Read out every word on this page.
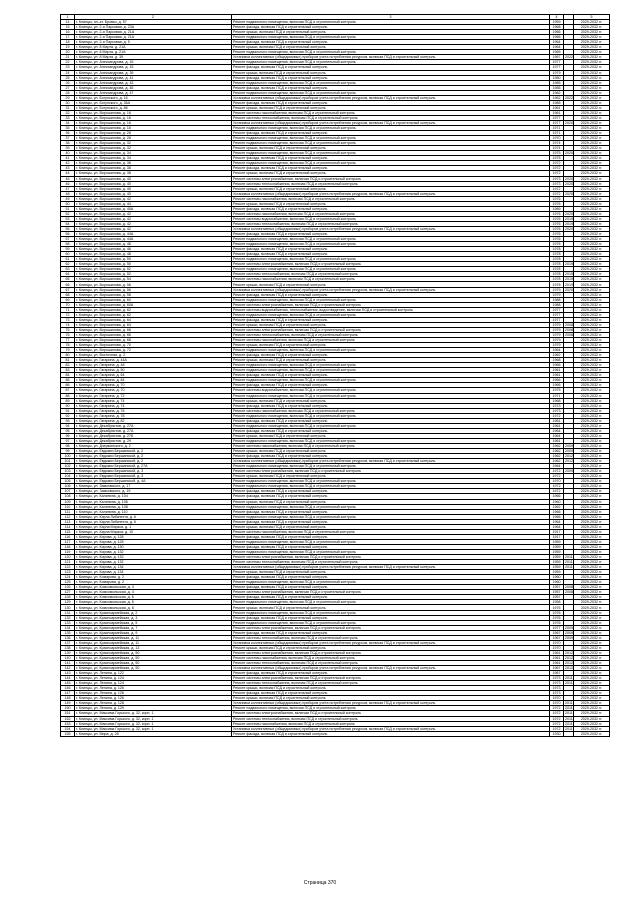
1	2	3	4		5
14	г. Клинцы, пл.-кт. Бровко, д. 57	Ремонт подвального помещения, включая ПСД и строительный контроль	1959		2029-2032 гг.
15	г. Клинцы, ул. 2-я Парковая, д. 23А	Ремонт фасада, включая ПСД и строительный контроль	1968		2029-2032 гг.
16	г. Клинцы, ул. 2-я Парковая, д. 21А	Ремонт крыши, включая ПСД и строительный контроль	1966		2029-2032 гг.
17	г. Клинцы, ул. 2-я Парковая, д. 21А	Ремонт подвального помещения, включая ПСД и строительный контроль	1966		2029-2032 гг.
18	г. Клинцы, ул. 2-я Парковая, д. 5	Ремонт фасада, включая ПСД и строительный контроль	1964		2029-2032 гг.
19	г. Клинцы, ул. 8 Марта, д. 21А	Ремонт крыши, включая ПСД и строительный контроль	1964		2029-2032 гг.
20	г. Клинцы, ул. 8 Марта, д. 21А	Ремонт подвального помещения, включая ПСД и строительный контроль	1965		2029-2032 гг.
21	г. Клинцы, ул. 8 Марта, д. 39	Установка коллективных (общедомовых) приборов учета потребления ресурсов, включая ПСД и строительный контроль	1967	2022	2029-2032 гг.
22	г. Клинцы, ул. Александрова, д. 15	Ремонт подвального помещения, включая ПСД и строительный контроль	1977		2029-2032 гг.
23	г. Клинцы, ул. Александрова, д. 15	Ремонт фасада, включая ПСД и строительный контроль	1977		2029-2032 гг.
24	г. Клинцы, ул. Александрова, д. 39	Ремонт крыши, включая ПСД и строительный контроль	1979		2029-2032 гг.
25	г. Клинцы, ул. Александрова, д. 41	Ремонт фасада, включая ПСД и строительный контроль	1980		2029-2032 гг.
26	г. Клинцы, ул. Александрова, д. 43	Ремонт подвального помещения, включая ПСД и строительный контроль	1985		2029-2032 гг.
27	г. Клинцы, ул. Александрова, д. 45	Ремонт фасада, включая ПСД и строительный контроль	1985		2029-2032 гг.
28	г. Клинцы, ул. Александрова, д. 47	Ремонт подвального помещения, включая ПСД и строительный контроль	1982		2029-2032 гг.
29	г. Клинцы, ул. Богунского, д. 16	Установка коллективных (общедомовых) приборов учета потребления ресурсов, включая ПСД и строительный контроль	1962	2022	2029-2032 гг.
30	г. Клинцы, ул. Богунского, д. 36А	Ремонт фасада, включая ПСД и строительный контроль	1985		2029-2032 гг.
31	г. Клинцы, ул. Богунского, д. 86	Ремонт крыши, включая ПСД и строительный контроль	1961		2029-2032 гг.
32	г. Клинцы, ул. Ворошилова, д. 16	Ремонт системы газоснабжения, включая ПСД и строительный контроль	1961		2029-2032 гг.
33	г. Клинцы, ул. Ворошилова, д. 16	Ремонт системы теплоснабжения, включая ПСД и строительный контроль	1977		2029-2032 гг.
34	г. Клинцы, ул. Ворошилова, д. 16	Установка коллективных (общедомовых) приборов учета потребления ресурсов, включая ПСД и строительный контроль	1977	2020	2029-2032 гг.
35	г. Клинцы, ул. Ворошилова, д. 16	Ремонт подвального помещения, включая ПСД и строительный контроль	1971		2029-2032 гг.
36	г. Клинцы, ул. Ворошилова, д. 28	Ремонт фасада, включая ПСД и строительный контроль	1971		2029-2032 гг.
37	г. Клинцы, ул. Ворошилова, д. 28	Ремонт подвального помещения, включая ПСД и строительный контроль	1970		2029-2032 гг.
38	г. Клинцы, ул. Ворошилова, д. 32	Ремонт подвального помещения, включая ПСД и строительный контроль	1974		2029-2032 гг.
39	г. Клинцы, ул. Ворошилова, д. 32	Ремонт крыши, включая ПСД и строительный контроль	1974		2029-2032 гг.
40	г. Клинцы, ул. Ворошилова, д. 34	Ремонт подвального помещения, включая ПСД и строительный контроль	1975	2020	2029-2032 гг.
41	г. Клинцы, ул. Ворошилова, д. 34	Ремонт фасада, включая ПСД и строительный контроль	1975		2029-2032 гг.
42	г. Клинцы, ул. Ворошилова, д. 36	Ремонт подвального помещения, включая ПСД и строительный контроль	1972		2029-2032 гг.
43	г. Клинцы, ул. Ворошилова, д. 38	Ремонт фасада, включая ПСД и строительный контроль	1972		2029-2032 гг.
44	г. Клинцы, ул. Ворошилова, д. 38	Ремонт крыши, включая ПСД и строительный контроль	1972		2029-2032 гг.
45	г. Клинцы, ул. Ворошилова, д. 40	Ремонт системы электроснабжения, включая ПСД и строительный контроль	1973	2020	2029-2032 гг.
46	г. Клинцы, ул. Ворошилова, д. 40	Ремонт системы теплоснабжения, включая ПСД и строительный контроль	1973	2020	2029-2032 гг.
47	г. Клинцы, ул. Ворошилова, д. 40	Ремонт крыши, включая ПСД и строительный контроль	1972		2029-2032 гг.
48	г. Клинцы, ул. Ворошилова, д. 40	Установка коллективных (общедомовых) приборов учета потребления ресурсов, включая ПСД и строительный контроль	1972	2020	2029-2032 гг.
49	г. Клинцы, ул. Ворошилова, д. 42	Ремонт системы газоснабжения, включая ПСД и строительный контроль	1976		2029-2032 гг.
50	г. Клинцы, ул. Ворошилова, д. 44	Ремонт крыши, включая ПСД и строительный контроль	1976		2029-2032 гг.
51	г. Клинцы, ул. Ворошилова, д. 40А	Ремонт фасада, включая ПСД и строительный контроль	1989		2029-2032 гг.
52	г. Клинцы, ул. Ворошилова, д. 42	Ремонт системы газоснабжения, включая ПСД и строительный контроль	1976	2020	2029-2032 гг.
53	г. Клинцы, ул. Ворошилова, д. 42	Ремонт системы водоснабжения, включая ПСД и строительный контроль	1976	2019	2029-2032 гг.
54	г. Клинцы, ул. Ворошилова, д. 42	Ремонт системы теплоснабжения, включая ПСД и строительный контроль	1976	2019	2029-2032 гг.
55	г. Клинцы, ул. Ворошилова, д. 42	Установка коллективных (общедомовых) приборов учета потребления ресурсов, включая ПСД и строительный контроль	1976	2020	2029-2032 гг.
56	г. Клинцы, ул. Ворошилова, д. 44А	Ремонт фасада, включая ПСД и строительный контроль	1976		2029-2032 гг.
57	г. Клинцы, ул. Ворошилова, д. 44А	Ремонт подвального помещения, включая ПСД и строительный контроль	1976		2029-2032 гг.
58	г. Клинцы, ул. Ворошилова, д. 46	Ремонт подвального помещения, включая ПСД и строительный контроль	1976		2029-2032 гг.
59	г. Клинцы, ул. Ворошилова, д. 46	Ремонт фасада, включая ПСД и строительный контроль	1978		2029-2032 гг.
60	г. Клинцы, ул. Ворошилова, д. 48	Ремонт фасада, включая ПСД и строительный контроль	1978		2029-2032 гг.
61	г. Клинцы, ул. Ворошилова, д. 50	Ремонт подвального помещения, включая ПСД и строительный контроль	1978		2029-2032 гг.
62	г. Клинцы, ул. Ворошилова, д. 50	Ремонт системы электроснабжения, включая ПСД и строительный контроль	1978	2019	2029-2032 гг.
63	г. Клинцы, ул. Ворошилова, д. 52	Ремонт подвального помещения, включая ПСД и строительный контроль	1978		2029-2032 гг.
64	г. Клинцы, ул. Ворошилова, д. 52	Ремонт системы теплоснабжения, включая ПСД и строительный контроль	1978	2019	2029-2032 гг.
65	г. Клинцы, ул. Ворошилова, д. 54	Ремонт системы газоснабжения, включая ПСД и строительный контроль	1978	2019	2029-2032 гг.
66	г. Клинцы, ул. Ворошилова, д. 56	Ремонт крыши, включая ПСД и строительный контроль	1978	2019	2029-2032 гг.
67	г. Клинцы, ул. Ворошилова, д. 56	Установка коллективных (общедомовых) приборов учета потребления ресурсов, включая ПСД и строительный контроль	1979	2020	2029-2032 гг.
68	г. Клинцы, ул. Ворошилова, д. 58	Ремонт фасада, включая ПСД и строительный контроль	1979		2029-2032 гг.
69	г. Клинцы, ул. Ворошилова, д. 60	Ремонт подвального помещения, включая ПСД и строительный контроль	1988		2029-2032 гг.
70	г. Клинцы, ул. Ворошилова, д. 60А	Ремонт системы электроснабжения, включая ПСД и строительный контроль	1988		2029-2032 гг.
71	г. Клинцы, ул. Ворошилова, д. 62	Ремонт системы водоснабжения, теплоснабжения, водоотведения, включая ПСД и строительный контроль	1977		2029-2032 гг.
72	г. Клинцы, ул. Ворошилова, д. 62	Ремонт подвального помещения, включая ПСД и строительный контроль	1977		2029-2032 гг.
73	г. Клинцы, ул. Ворошилова, д. 64	Ремонт фасада, включая ПСД и строительный контроль	1977		2029-2032 гг.
74	г. Клинцы, ул. Ворошилова, д. 64	Ремонт крыши, включая ПСД и строительный контроль	1979	2008	2029-2032 гг.
75	г. Клинцы, ул. Ворошилова, д. 66	Ремонт системы электроснабжения, включая ПСД и строительный контроль	1979	2008	2029-2032 гг.
76	г. Клинцы, ул. Ворошилова, д. 66	Ремонт системы теплоснабжения, включая ПСД и строительный контроль	1979	2008	2029-2032 гг.
77	г. Клинцы, ул. Ворошилова, д. 68	Ремонт системы газоснабжения, включая ПСД и строительный контроль	1979		2029-2032 гг.
78	г. Клинцы, ул. Ворошилова, д. 70	Ремонт крыши, включая ПСД и строительный контроль	1979		2029-2032 гг.
79	г. Клинцы, ул. Ворошилова, д. 72	Ремонт подвального помещения, включая ПСД и строительный контроль	1964		2029-2032 гг.
80	г. Клинцы, ул. Восточная, д. 2	Ремонт фасада, включая ПСД и строительный контроль	1962		2029-2032 гг.
81	г. Клинцы, ул. Гагарина, д. 44А	Ремонт крыши, включая ПСД и строительный контроль	1968		2029-2032 гг.
82	г. Клинцы, ул. Гагарина, д. 48	Ремонт подвального помещения, включая ПСД и строительный контроль	1966		2029-2032 гг.
83	г. Клинцы, ул. Гагарина, д. 50	Ремонт подвального помещения, включая ПСД и строительный контроль	1961		2029-2032 гг.
84	г. Клинцы, ул. Гагарина, д. 64	Ремонт фасада, включая ПСД и строительный контроль	1961		2029-2032 гг.
85	г. Клинцы, ул. Гагарина, д. 64	Ремонт подвального помещения, включая ПСД и строительный контроль	1966		2029-2032 гг.
86	г. Клинцы, ул. Гагарина, д. 70	Ремонт фасада, включая ПСД и строительный контроль	1966		2029-2032 гг.
87	г. Клинцы, ул. Гагарина, д. 70	Ремонт системы водоснабжения, включая ПСД и строительный контроль	1975		2029-2032 гг.
88	г. Клинцы, ул. Гагарина, д. 72	Ремонт подвального помещения, включая ПСД и строительный контроль	1971		2029-2032 гг.
89	г. Клинцы, ул. Гагарина, д. 74	Ремонт крыши, включая ПСД и строительный контроль	1968		2029-2032 гг.
90	г. Клинцы, ул. Гагарина, д. 74	Ремонт фасада, включая ПСД и строительный контроль	1973		2029-2032 гг.
91	г. Клинцы, ул. Гагарина, д. 76	Ремонт системы газоснабжения, включая ПСД и строительный контроль	1973		2029-2032 гг.
92	г. Клинцы, ул. Гагарина, д. 78	Ремонт подвального помещения, включая ПСД и строительный контроль	1972		2029-2032 гг.
93	г. Клинцы, ул. Гагарина, д. 82	Ремонт фасада, включая ПСД и строительный контроль	1961		2029-2032 гг.
94	г. Клинцы, ул. Декабристов, д. 27А	Ремонт подвального помещения, включая ПСД и строительный контроль	1961		2029-2032 гг.
95	г. Клинцы, ул. Декабристов, д. 27А	Ремонт фасада, включая ПСД и строительный контроль	1964		2029-2032 гг.
96	г. Клинцы, ул. Декабристов, д. 27Б	Ремонт крыши, включая ПСД и строительный контроль	1964		2029-2032 гг.
97	г. Клинцы, ул. Декабристов, д. 29	Ремонт подвального помещения, включая ПСД и строительный контроль	1961		2029-2032 гг.
98	г. Клинцы, ул. Дзержинского, д. 2	Ремонт системы газоснабжения, включая ПСД и строительный контроль	1962	2009	2029-2032 гг.
99	г. Клинцы, ул. Евдокии Бершанской, д. 2	Ремонт крыши, включая ПСД и строительный контроль	1962	2009	2029-2032 гг.
100	г. Клинцы, ул. Евдокии Бершанской, д. 2	Ремонт фасада, включая ПСД и строительный контроль	1962	2012	2029-2032 гг.
101	г. Клинцы, ул. Евдокии Бершанской, д. 2	Установка коллективных (общедомовых) приборов учета потребления ресурсов, включая ПСД и строительный контроль	1962	2012	2029-2032 гг.
102	г. Клинцы, ул. Евдокии Бершанской, д. 27А	Ремонт подвального помещения, включая ПСД и строительный контроль	1964		2029-2032 гг.
103	г. Клинцы, ул. Евдокии Бершанской, д. 3	Ремонт системы электроснабжения, включая ПСД и строительный контроль	1972	2009	2029-2032 гг.
104	г. Клинцы, ул. Евдокии Бершанской, д. 3	Ремонт крыши, включая ПСД и строительный контроль	1972		2029-2032 гг.
105	г. Клинцы, ул. Евдокии Бершанской, д. 4А	Ремонт подвального помещения, включая ПСД и строительный контроль	1970		2029-2032 гг.
106	г. Клинцы, ул. Замковского, д. 17	Ремонт подвального помещения, включая ПСД и строительный контроль	1972		2029-2032 гг.
107	г. Клинцы, ул. Замковского, д. 19	Ремонт фасада, включая ПСД и строительный контроль	1972		2029-2032 гг.
108	г. Клинцы, ул. Калинина, д. 104	Ремонт фасада, включая ПСД и строительный контроль	1966		2029-2032 гг.
109	г. Клинцы, ул. Калинина, д. 106	Ремонт крыши, включая ПСД и строительный контроль	1960		2029-2032 гг.
110	г. Клинцы, ул. Калинина, д. 108	Ремонт подвального помещения, включая ПСД и строительный контроль	1962		2029-2032 гг.
111	г. Клинцы, ул. Калинина, д. 110	Ремонт фасада, включая ПСД и строительный контроль	1966		2029-2032 гг.
112	г. Клинцы, ул. Карла Либкнехта, д. 6	Ремонт подвального помещения, включая ПСД и строительный контроль	1966		2029-2032 гг.
113	г. Клинцы, ул. Карла Либкнехта, д. 6	Ремонт фасада, включая ПСД и строительный контроль	1964		2029-2032 гг.
114	г. Клинцы, ул. Карла Маркса, д. 1	Ремонт крыши, включая ПСД и строительный контроль	1964		2029-2032 гг.
115	г. Клинцы, ул. Карла Маркса, д. 10	Ремонт системы газоснабжения, включая ПСД и строительный контроль	1917		2029-2032 гг.
116	г. Клинцы, ул. Кирова, д. 128	Ремонт фасада, включая ПСД и строительный контроль	1917		2029-2032 гг.
117	г. Клинцы, ул. Кирова, д. 128	Ремонт подвального помещения, включая ПСД и строительный контроль	1959		2029-2032 гг.
118	г. Клинцы, ул. Кирова, д. 130	Ремонт фасада, включая ПСД и строительный контроль	1959		2029-2032 гг.
119	г. Клинцы, ул. Кирова, д. 132	Ремонт подвального помещения, включая ПСД и строительный контроль	1959		2029-2032 гг.
120	г. Клинцы, ул. Кирова, д. 132	Ремонт системы электроснабжения, включая ПСД и строительный контроль	1959	2011	2029-2032 гг.
121	г. Клинцы, ул. Кирова, д. 132	Ремонт системы теплоснабжения, включая ПСД и строительный контроль	1959	2011	2029-2032 гг.
122	г. Клинцы, ул. Кирова, д. 134	Установка коллективных (общедомовых) приборов учета потребления ресурсов, включая ПСД и строительный контроль	1959	2011	2029-2032 гг.
123	г. Клинцы, ул. Кирова, д. 134	Ремонт крыши, включая ПСД и строительный контроль	1959		2029-2032 гг.
124	г. Клинцы, ул. Комарова, д. 2	Ремонт фасада, включая ПСД и строительный контроль	1960		2029-2032 гг.
125	г. Клинцы, ул. Комарова, д. 2	Ремонт подвального помещения, включая ПСД и строительный контроль	1960		2029-2032 гг.
126	г. Клинцы, ул. Комсомольская, д. 4	Ремонт фасада, включая ПСД и строительный контроль	1957	2008	2029-2032 гг.
127	г. Клинцы, ул. Комсомольская, д. 4	Ремонт системы электроснабжения, включая ПСД и строительный контроль	1957	2008	2029-2032 гг.
128	г. Клинцы, ул. Комсомольская, д. 6	Ремонт фасада, включая ПСД и строительный контроль	1957		2029-2032 гг.
129	г. Клинцы, ул. Комсомольская, д. 6	Ремонт подвального помещения, включая ПСД и строительный контроль	1958		2029-2032 гг.
130	г. Клинцы, ул. Комсомольская, д. 8	Ремонт крыши, включая ПСД и строительный контроль	1975		2029-2032 гг.
131	г. Клинцы, ул. Красноармейская, д. 2	Ремонт подвального помещения, включая ПСД и строительный контроль	1976		2029-2032 гг.
132	г. Клинцы, ул. Красноармейская, д. 3	Ремонт фасада, включая ПСД и строительный контроль	1976		2029-2032 гг.
133	г. Клинцы, ул. Красноармейская, д. 5	Ремонт подвального помещения, включая ПСД и строительный контроль	1976		2029-2032 гг.
134	г. Клинцы, ул. Красноармейская, д. 7	Ремонт системы электроснабжения, включая ПСД и строительный контроль	1977	2009	2029-2032 гг.
135	г. Клинцы, ул. Красноармейская, д. 9	Ремонт фасада, включая ПСД и строительный контроль	1967	2009	2029-2032 гг.
136	г. Клинцы, ул. Красноармейская, д. 11	Ремонт системы теплоснабжения, включая ПСД и строительный контроль	1967	2009	2029-2032 гг.
137	г. Клинцы, ул. Красноармейская, д. 11	Установка коллективных (общедомовых) приборов учета потребления ресурсов, включая ПСД и строительный контроль	1970		2029-2032 гг.
138	г. Клинцы, ул. Красноармейская, д. 13	Ремонт крыши, включая ПСД и строительный контроль	1970		2029-2032 гг.
139	г. Клинцы, ул. Красноармейская, д. 50	Ремонт системы электроснабжения, включая ПСД и строительный контроль	1961	2012	2029-2032 гг.
140	г. Клинцы, ул. Красноармейская, д. 50	Ремонт системы газоснабжения, включая ПСД и строительный контроль	1961	2012	2029-2032 гг.
141	г. Клинцы, ул. Красноармейская, д. 50	Ремонт системы теплоснабжения, включая ПСД и строительный контроль	1961	2012	2029-2032 гг.
142	г. Клинцы, ул. Красноармейская, д. 50	Установка коллективных (общедомовых) приборов учета потребления ресурсов, включая ПСД и строительный контроль	1967	2012	2029-2032 гг.
143	г. Клинцы, ул. Ленина, д. 122	Ремонт фасада, включая ПСД и строительный контроль	1967		2029-2032 гг.
144	г. Клинцы, ул. Ленина, д. 124	Ремонт системы электроснабжения, включая ПСД и строительный контроль	1973	2011	2029-2032 гг.
145	г. Клинцы, ул. Ленина, д. 124	Ремонт системы теплоснабжения, включая ПСД и строительный контроль	1973	2011	2029-2032 гг.
146	г. Клинцы, ул. Ленина, д. 126	Ремонт крыши, включая ПСД и строительный контроль	1973		2029-2032 гг.
147	г. Клинцы, ул. Ленина, д. 126	Ремонт фасада, включая ПСД и строительный контроль	1973		2029-2032 гг.
148	г. Клинцы, ул. Ленина, д. 126	Ремонт крыши, включая ПСД и строительный контроль	1970		2029-2032 гг.
149	г. Клинцы, ул. Ленина, д. 128	Установка коллективных (общедомовых) приборов учета потребления ресурсов, включая ПСД и строительный контроль	1970	2011	2029-2032 гг.
150	г. Клинцы, ул. Ленина, д. 129	Ремонт подвального помещения, включая ПСД и строительный контроль	1972	2011	2029-2032 гг.
151	г. Клинцы, ул. Максима Горького, д. 32, корп. 1	Ремонт системы электроснабжения, включая ПСД и строительный контроль	1972	2011	2029-2032 гг.
152	г. Клинцы, ул. Максима Горького, д. 32, корп. 1	Ремонт системы теплоснабжения, включая ПСД и строительный контроль	1972	2011	2029-2032 гг.
153	г. Клинцы, ул. Максима Горького, д. 32, корп. 1	Ремонт системы газоснабжения, включая ПСД и строительный контроль	1972	2011	2029-2032 гг.
154	г. Клинцы, ул. Максима Горького, д. 32, корп. 1	Установка коллективных (общедомовых) приборов учета потребления ресурсов, включая ПСД и строительный контроль	1972	2011	2029-2032 гг.
155	г. Клинцы, ул. Мира, д. 28	Ремонт фасада, включая ПСД и строительный контроль	1930		2029-2032 гг.
Страница 370
